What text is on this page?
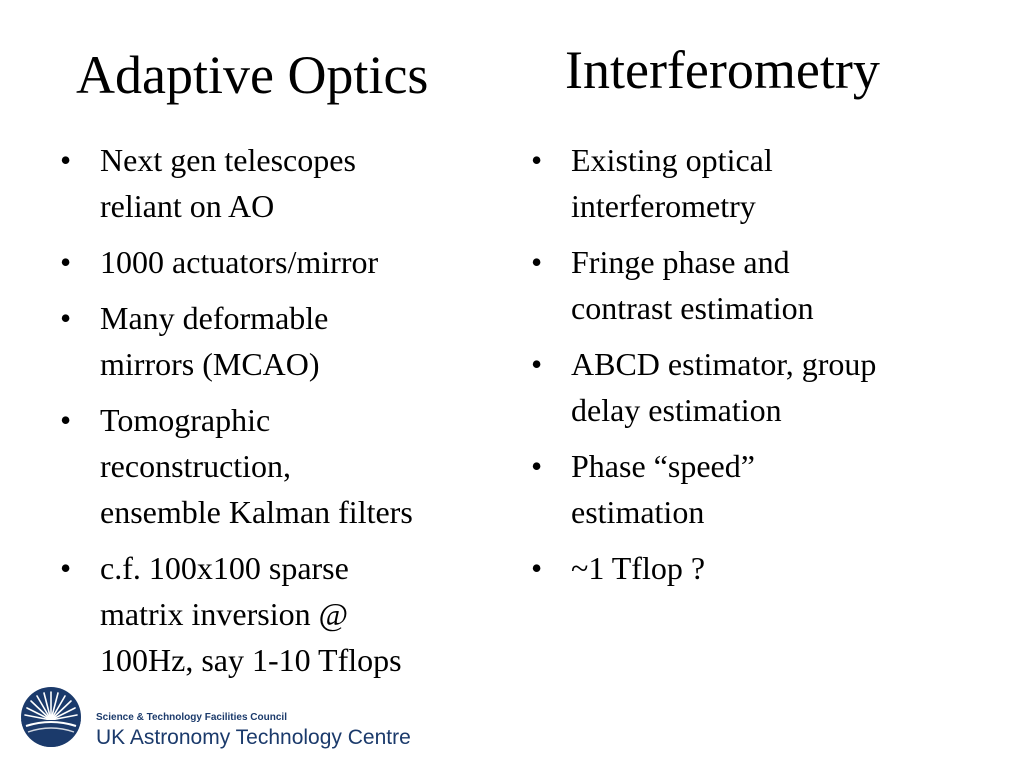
Adaptive Optics	Interferometry
• Next gen telescopes
reliant on AO
• 1000 actuators/mirror
• Many deformable
mirrors (MCAO)
• Tomographic
reconstruction,
ensemble Kalman filters
• c.f. 100x100 sparse
matrix inversion @
100Hz, say 1-10 Tflops
• Existing optical
interferometry
• Fringe phase and
contrast estimation
• ABCD estimator, group
delay estimation
• Phase “speed”
estimation
• ~1 Tflop ?
Science & Technology Facilities Council
UK Astronomy Technology Centre
